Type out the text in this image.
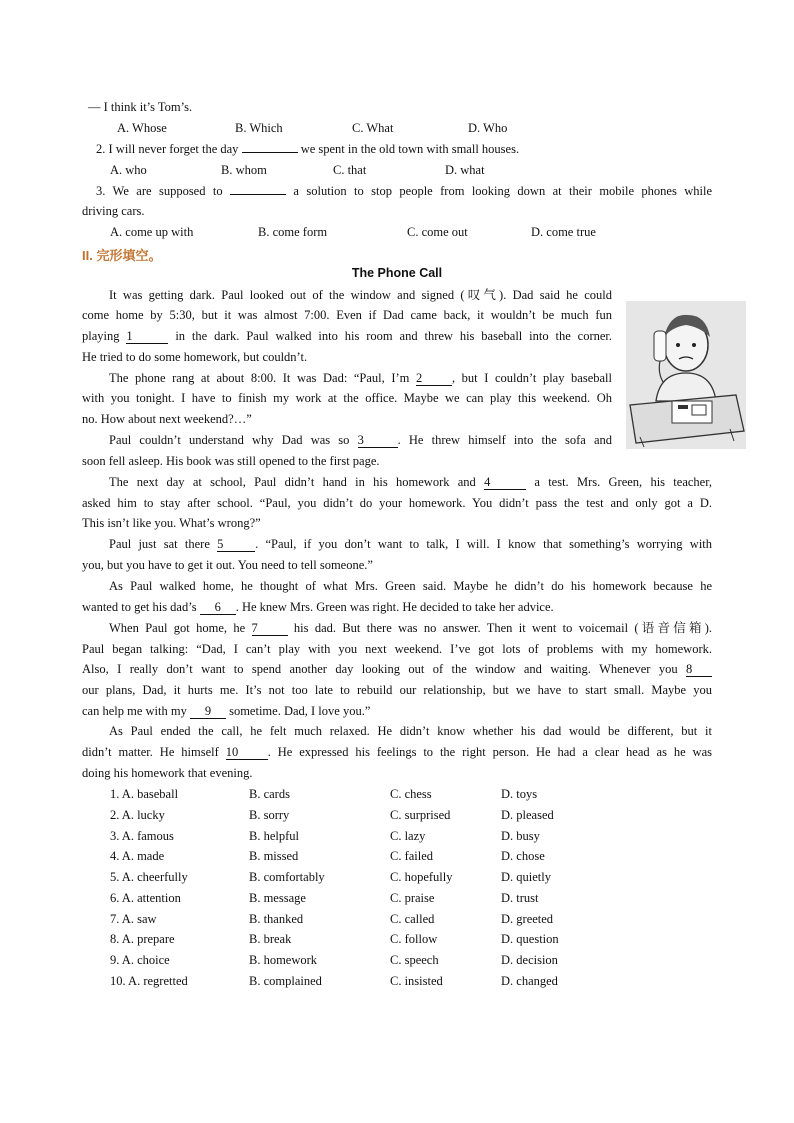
— I think it’s Tom’s.
A. Whose	B. Which	C. What	D. Who
2. I will never forget the day	we spent in the old town with small houses.
A. who	B. whom	C. that	D. what
3. We are supposed to	a solution to stop people from looking down at their mobile phones while
driving cars.
A. come up with	B. come form	C. come out	D. come true
II. 完形填空。
The Phone Call
It was getting dark. Paul looked out of the window and signed (叹气). Dad said he could
come home by 5:30, but it was almost 7:00. Even if Dad came back, it wouldn’t be much fun
playing 1	in the dark. Paul walked into his room and threw his baseball into the corner.
He tried to do some homework, but couldn’t.
The phone rang at about 8:00. It was Dad: “Paul, I’m 2 , but I couldn’t play baseball
with you tonight. I have to finish my work at the office. Maybe we can play this weekend. Oh
no. How about next weekend?…”
Paul couldn’t understand why Dad was so 3	. He threw himself into the sofa and
soon fell asleep. His book was still opened to the first page.
The next day at school, Paul didn’t hand in his homework and 4	a test. Mrs. Green, his teacher,
asked him to stay after school. “Paul, you didn’t do your homework. You didn’t pass the test and only got a D.
This isn’t like you. What’s wrong?”
Paul just sat there 5	. “Paul, if you don’t want to talk, I will. I know that something’s worrying with
you, but you have to get it out. You need to tell someone.”
As Paul walked home, he thought of what Mrs. Green said. Maybe he didn’t do his homework because he
wanted to get his dad’s 6 . He knew Mrs. Green was right. He decided to take her advice.
When Paul got home, he 7	his dad. But there was no answer. Then it went to voicemail (语音信箱).
Paul began talking: “Dad, I can’t play with you next weekend. I’ve got lots of problems with my homework.
Also, I really don’t want to spend another day looking out of the window and waiting. Whenever you 8
our plans, Dad, it hurts me. It’s not too late to rebuild our relationship, but we have to start small. Maybe you
can help me with my 9 sometime. Dad, I love you.”
As Paul ended the call, he felt much relaxed. He didn’t know whether his dad would be different, but it
didn’t matter. He himself 10 . He expressed his feelings to the right person. He had a clear head as he was
doing his homework that evening.
1. A. baseball	B. cards	C. chess	D. toys
2. A. lucky	B. sorry	C. surprised	D. pleased
3. A. famous	B. helpful	C. lazy	D. busy
4. A. made	B. missed	C. failed	D. chose
5. A. cheerfully	B. comfortably	C. hopefully	D. quietly
6. A. attention	B. message	C. praise	D. trust
7. A. saw	B. thanked	C. called	D. greeted
8. A. prepare	B. break	C. follow	D. question
9. A. choice	B. homework	C. speech	D. decision
10. A. regretted	B. complained	C. insisted	D. changed
